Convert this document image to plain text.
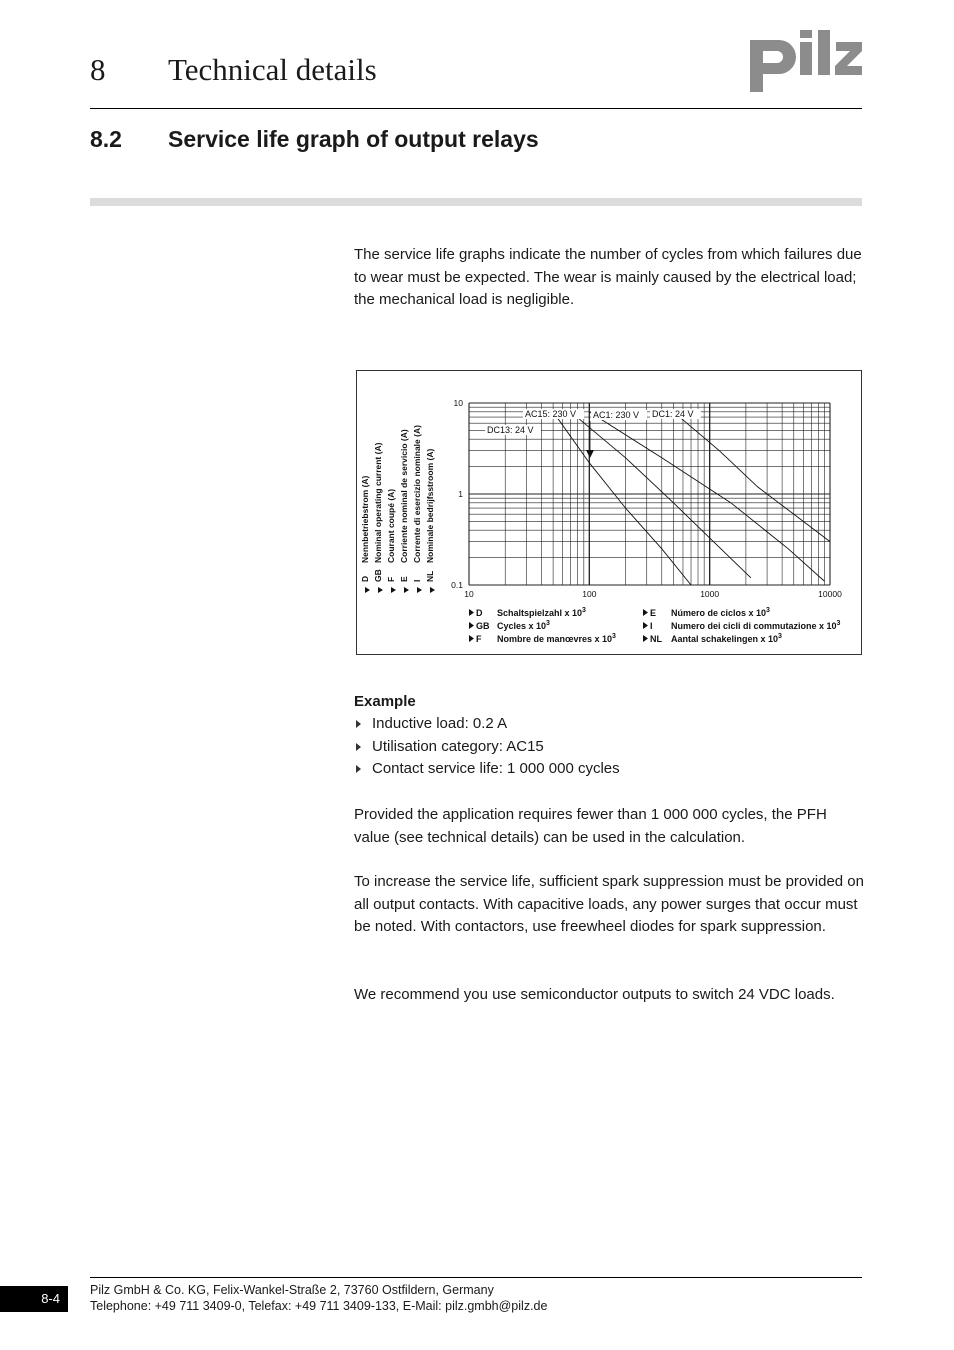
8 Technical details
8.2 Service life graph of output relays
The service life graphs indicate the number of cycles from which failures due to wear must be expected. The wear is mainly caused by the electrical load; the mechanical load is negligible.
DC13: 24 V
AC15: 230 V AC1: 230 V DC1: 24 V
10	100	1000	10000
0.1
1
10
D
Nennbetriebstrom (A)
GB
Nominal operating current (A)
F
Courant coupé (A)
E
Corriente nominal de servicio (A)
I
Corrente di esercizio nominale (A)
NL
Nominale bedrijfsstroom (A)
D Schaltspielzahl x $10^3$
GB Cycles x $10^3$
F Nombre de manœvres x $10^3$
E Número de ciclos x $10^3$
I Numero dei cicli di commutazione x $10^3$
NL Aantal schakelingen x $10^3$
Example
Inductive load: 0.2 A
Utilisation category: AC15
Contact service life: 1 000 000 cycles
Provided the application requires fewer than 1 000 000 cycles, the PFH value (see technical details) can be used in the calculation.
To increase the service life, sufficient spark suppression must be provided on all output contacts. With capacitive loads, any power surges that occur must be noted. With contactors, use freewheel diodes for spark suppression.
We recommend you use semiconductor outputs to switch 24 VDC loads.
8-4
Pilz GmbH & Co. KG, Felix-Wankel-Straße 2, 73760 Ostfildern, Germany
Telephone: +49 711 3409-0, Telefax: +49 711 3409-133, E-Mail: pilz.gmbh@pilz.de
